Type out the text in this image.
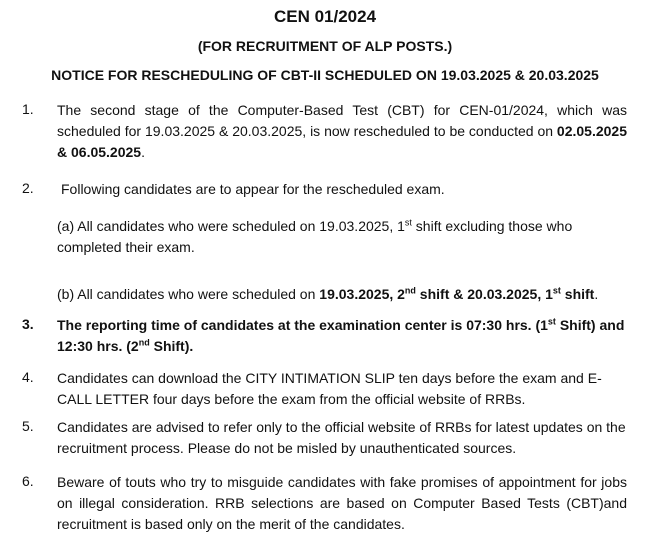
CEN 01/2024
(FOR RECRUITMENT OF ALP POSTS.)
NOTICE FOR RESCHEDULING OF CBT-II SCHEDULED ON 19.03.2025 & 20.03.2025
1. The second stage of the Computer-Based Test (CBT) for CEN-01/2024, which was scheduled for 19.03.2025 & 20.03.2025, is now rescheduled to be conducted on 02.05.2025 & 06.05.2025.
2. Following candidates are to appear for the rescheduled exam.
(a) All candidates who were scheduled on 19.03.2025, 1st shift excluding those who completed their exam.
(b) All candidates who were scheduled on 19.03.2025, 2nd shift & 20.03.2025, 1st shift.
3. The reporting time of candidates at the examination center is 07:30 hrs. (1st Shift) and 12:30 hrs. (2nd Shift).
4. Candidates can download the CITY INTIMATION SLIP ten days before the exam and E-CALL LETTER four days before the exam from the official website of RRBs.
5. Candidates are advised to refer only to the official website of RRBs for latest updates on the recruitment process. Please do not be misled by unauthenticated sources.
6. Beware of touts who try to misguide candidates with fake promises of appointment for jobs on illegal consideration. RRB selections are based on Computer Based Tests (CBT)and recruitment is based only on the merit of the candidates.
